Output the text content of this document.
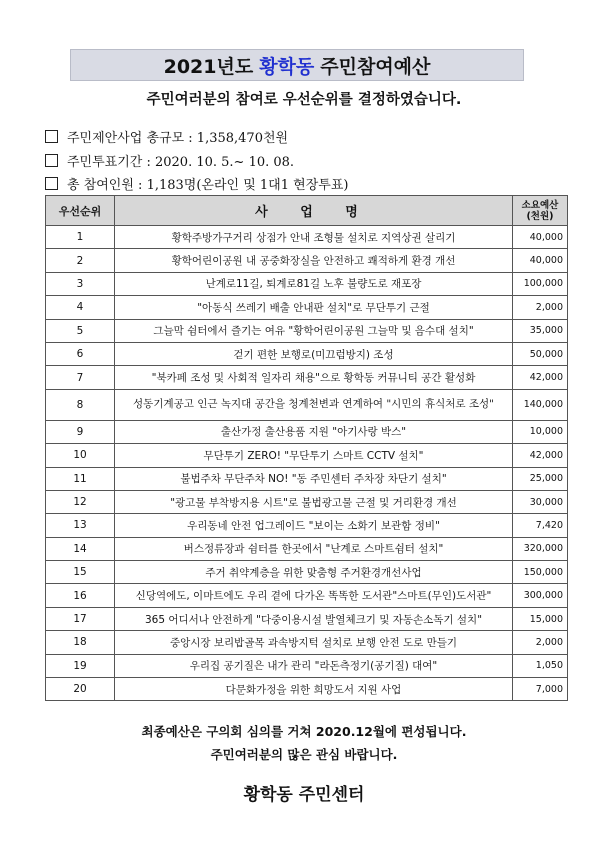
2021년도 황학동 주민참여예산
주민여러분의 참여로 우선순위를 결정하였습니다.
주민제안사업 총규모 : 1,358,470천원
주민투표기간 : 2020. 10. 5.~ 10. 08.
총 참여인원 : 1,183명(온라인 및 1대1 현장투표)
우선순위	사 업 명	소요예산
(천원)

1	황학주방가구거리 상점가 안내 조형물 설치로 지역상권 살리기	40,000
2	황학어린이공원 내 공중화장실을 안전하고 쾌적하게 환경 개선	40,000
3	난계로11길, 퇴계로81길 노후 불량도로 재포장	100,000
4	"아동식 쓰레기 배출 안내판 설치"로 무단투기 근절	2,000
5	그늘막 쉼터에서 즐기는 여유 "황학어린이공원 그늘막 및 음수대 설치"	35,000
6	걷기 편한 보행로(미끄럼방지) 조성	50,000
7	"북카페 조성 및 사회적 일자리 채용"으로 황학동 커뮤니티 공간 활성화	42,000
8	성동기계공고 인근 녹지대 공간을 청계천변과 연계하여 "시민의 휴식처로 조성"	140,000
9	출산가정 출산용품 지원 "아기사랑 박스"	10,000
10	무단투기 ZERO! "무단투기 스마트 CCTV 설치"	42,000
11	불법주차 무단주차 NO! "동 주민센터 주차장 차단기 설치"	25,000
12	"광고물 부착방지용 시트"로 불법광고물 근절 및 거리환경 개선	30,000
13	우리동네 안전 업그레이드 "보이는 소화기 보관함 정비"	7,420
14	버스정류장과 쉼터를 한곳에서 "난계로 스마트쉼터 설치"	320,000
15	주거 취약계층을 위한 맞춤형 주거환경개선사업	150,000
16	신당역에도, 이마트에도 우리 곁에 다가온 똑똑한 도서관"스마트(무인)도서관"	300,000
17	365 어디서나 안전하게 "다중이용시설 발열체크기 및 자동손소독기 설치"	15,000
18	중앙시장 보리밥골목 과속방지턱 설치로 보행 안전 도로 만들기	2,000
19	우리집 공기질은 내가 관리 "라돈측정기(공기질) 대여"	1,050
20	다문화가정을 위한 희망도서 지원 사업	7,000
최종예산은 구의회 심의를 거쳐 2020.12월에 편성됩니다.
주민여러분의 많은 관심 바랍니다.
황학동 주민센터
